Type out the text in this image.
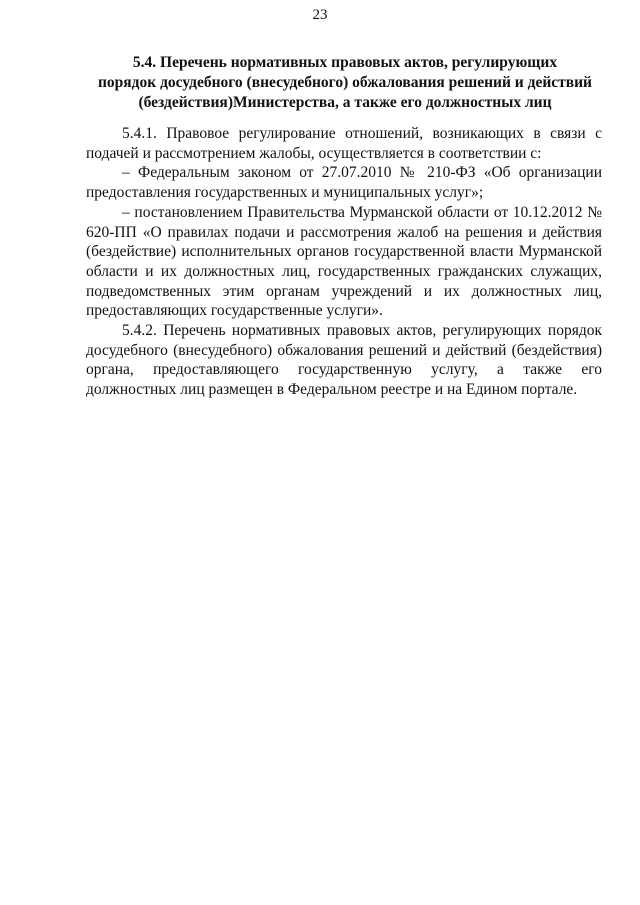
23
5.4. Перечень нормативных правовых актов, регулирующих
порядок досудебного (внесудебного) обжалования решений и действий
(бездействия)Министерства, а также его должностных лиц

5.4.1. Правовое регулирование отношений, возникающих в связи с подачей и рассмотрением жалобы, осуществляется в соответствии с:

– Федеральным законом от 27.07.2010 № 210-ФЗ «Об организации предоставления государственных и муниципальных услуг»;

– постановлением Правительства Мурманской области от 10.12.2012 № 620-ПП «О правилах подачи и рассмотрения жалоб на решения и действия (бездействие) исполнительных органов государственной власти Мурманской области и их должностных лиц, государственных гражданских служащих, подведомственных этим органам учреждений и их должностных лиц, предоставляющих государственные услуги».

5.4.2. Перечень нормативных правовых актов, регулирующих порядок досудебного (внесудебного) обжалования решений и действий (бездействия) органа, предоставляющего государственную услугу, а также его должностных лиц размещен в Федеральном реестре и на Едином портале.
